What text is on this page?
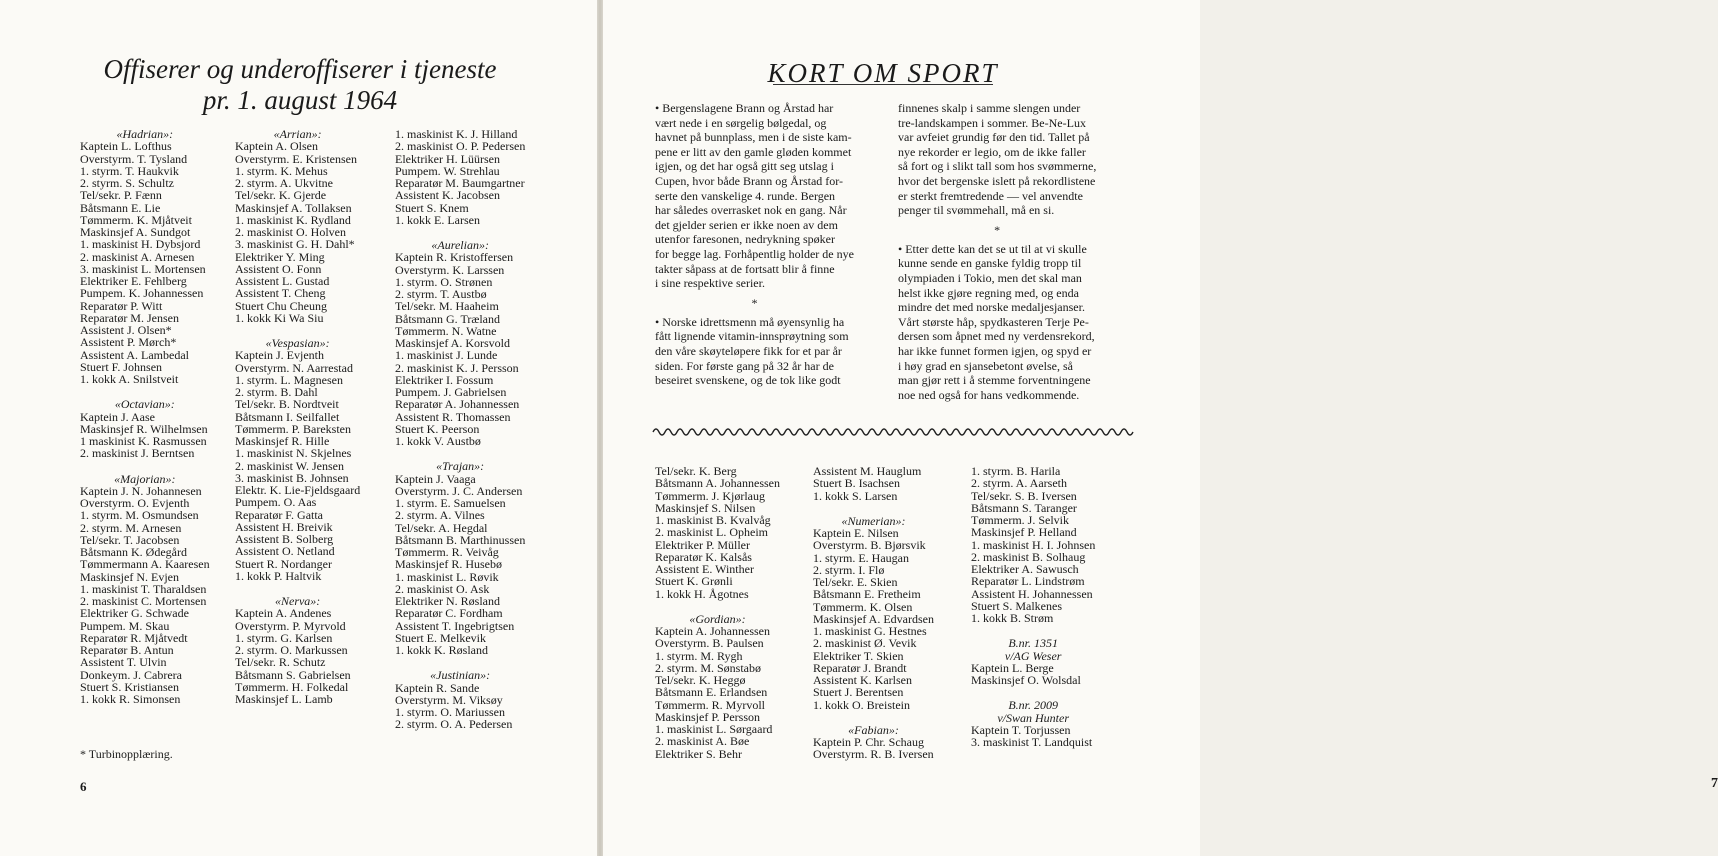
Offiserer og underoffiserer i tjeneste
pr. 1. august 1964
«Hadrian»:
Kaptein L. Lofthus
Overstyrm. T. Tysland
1. styrm. T. Haukvik
2. styrm. S. Schultz
Tel/sekr. P. Fænn
Båtsmann E. Lie
Tømmerm. K. Mjåtveit
Maskinsjef A. Sundgot
1. maskinist H. Dybsjord
2. maskinist A. Arnesen
3. maskinist L. Mortensen
Elektriker E. Fehlberg
Pumpem. K. Johannessen
Reparatør P. Witt
Reparatør M. Jensen
Assistent J. Olsen*
Assistent P. Mørch*
Assistent A. Lambedal
Stuert F. Johnsen
1. kokk A. Snilstveit
«Octavian»:
Kaptein J. Aase
Maskinsjef R. Wilhelmsen
1 maskinist K. Rasmussen
2. maskinist J. Berntsen
«Majorian»:
Kaptein J. N. Johannesen
Overstyrm. O. Evjenth
1. styrm. M. Osmundsen
2. styrm. M. Arnesen
Tel/sekr. T. Jacobsen
Båtsmann K. Ødegård
Tømmermann A. Kaaresen
Maskinsjef N. Evjen
1. maskinist T. Tharaldsen
2. maskinist C. Mortensen
Elektriker G. Schwade
Pumpem. M. Skau
Reparatør R. Mjåtvedt
Reparatør B. Antun
Assistent T. Ulvin
Donkeym. J. Cabrera
Stuert S. Kristiansen
1. kokk R. Simonsen
«Arrian»:
Kaptein A. Olsen
Overstyrm. E. Kristensen
1. styrm. K. Mehus
2. styrm. A. Ukvitne
Tel/sekr. K. Gjerde
Maskinsjef A. Tollaksen
1. maskinist K. Rydland
2. maskinist O. Holven
3. maskinist G. H. Dahl*
Elektriker Y. Ming
Assistent O. Fonn
Assistent L. Gustad
Assistent T. Cheng
Stuert Chu Cheung
1. kokk Ki Wa Siu
«Vespasian»:
Kaptein J. Evjenth
Overstyrm. N. Aarrestad
1. styrm. L. Magnesen
2. styrm. B. Dahl
Tel/sekr. B. Nordtveit
Båtsmann I. Seilfallet
Tømmerm. P. Bareksten
Maskinsjef R. Hille
1. maskinist N. Skjelnes
2. maskinist W. Jensen
3. maskinist B. Johnsen
Elektr. K. Lie-Fjeldsgaard
Pumpem. O. Aas
Reparatør F. Gatta
Assistent H. Breivik
Assistent B. Solberg
Assistent O. Netland
Stuert R. Nordanger
1. kokk P. Haltvik
«Nerva»:
Kaptein A. Andenes
Overstyrm. P. Myrvold
1. styrm. G. Karlsen
2. styrm. O. Markussen
Tel/sekr. R. Schutz
Båtsmann S. Gabrielsen
Tømmerm. H. Folkedal
Maskinsjef L. Lamb
1. maskinist K. J. Hilland
2. maskinist O. P. Pedersen
Elektriker H. Lüürsen
Pumpem. W. Strehlau
Reparatør M. Baumgartner
Assistent K. Jacobsen
Stuert S. Knem
1. kokk E. Larsen
«Aurelian»:
Kaptein R. Kristoffersen
Overstyrm. K. Larssen
1. styrm. O. Strønen
2. styrm. T. Austbø
Tel/sekr. M. Haaheim
Båtsmann G. Træland
Tømmerm. N. Watne
Maskinsjef A. Korsvold
1. maskinist J. Lunde
2. maskinist K. J. Persson
Elektriker I. Fossum
Pumpem. J. Gabrielsen
Reparatør A. Johannessen
Assistent R. Thomassen
Stuert K. Peerson
1. kokk V. Austbø
«Trajan»:
Kaptein J. Vaaga
Overstyrm. J. C. Andersen
1. styrm. E. Samuelsen
2. styrm. A. Vilnes
Tel/sekr. A. Hegdal
Båtsmann B. Marthinussen
Tømmerm. R. Veivåg
Maskinsjef R. Husebø
1. maskinist L. Røvik
2. maskinist O. Ask
Elektriker N. Røsland
Reparatør C. Fordham
Assistent T. Ingebrigtsen
Stuert E. Melkevik
1. kokk K. Røsland
«Justinian»:
Kaptein R. Sande
Overstyrm. M. Viksøy
1. styrm. O. Mariussen
2. styrm. O. A. Pedersen
* Turbinopplæring.
6
KORT OM SPORT
• Bergenslagene Brann og Årstad har
vært nede i en sørgelig bølgedal, og
havnet på bunnplass, men i de siste kam-
pene er litt av den gamle gløden kommet
igjen, og det har også gitt seg utslag i
Cupen, hvor både Brann og Årstad for-
serte den vanskelige 4. runde. Bergen
har således overrasket nok en gang. Når
det gjelder serien er ikke noen av dem
utenfor faresonen, nedrykning spøker
for begge lag. Forhåpentlig holder de nye
takter såpass at de fortsatt blir å finne
i sine respektive serier.
*
• Norske idrettsmenn må øyensynlig ha
fått lignende vitamin-innsprøytning som
den våre skøyteløpere fikk for et par år
siden. For første gang på 32 år har de
beseiret svenskene, og de tok like godt
finnenes skalp i samme slengen under
tre-landskampen i sommer. Be-Ne-Lux
var avfeiet grundig før den tid. Tallet på
nye rekorder er legio, om de ikke faller
så fort og i slikt tall som hos svømmerne,
hvor det bergenske islett på rekordlistene
er sterkt fremtredende — vel anvendte
penger til svømmehall, må en si.
*
• Etter dette kan det se ut til at vi skulle
kunne sende en ganske fyldig tropp til
olympiaden i Tokio, men det skal man
helst ikke gjøre regning med, og enda
mindre det med norske medaljesjanser.
Vårt største håp, spydkasteren Terje Pe-
dersen som åpnet med ny verdensrekord,
har ikke funnet formen igjen, og spyd er
i høy grad en sjansebetont øvelse, så
man gjør rett i å stemme forventningene
noe ned også for hans vedkommende.
Tel/sekr. K. Berg
Båtsmann A. Johannessen
Tømmerm. J. Kjørlaug
Maskinsjef S. Nilsen
1. maskinist B. Kvalvåg
2. maskinist L. Opheim
Elektriker P. Müller
Reparatør K. Kalsås
Assistent E. Winther
Stuert K. Grønli
1. kokk H. Ågotnes
«Gordian»:
Kaptein A. Johannessen
Overstyrm. B. Paulsen
1. styrm. M. Rygh
2. styrm. M. Sønstabø
Tel/sekr. K. Heggø
Båtsmann E. Erlandsen
Tømmerm. R. Myrvoll
Maskinsjef P. Persson
1. maskinist L. Sørgaard
2. maskinist A. Bøe
Elektriker S. Behr
Assistent M. Hauglum
Stuert B. Isachsen
1. kokk S. Larsen
«Numerian»:
Kaptein E. Nilsen
Overstyrm. B. Bjørsvik
1. styrm. E. Haugan
2. styrm. I. Flø
Tel/sekr. E. Skien
Båtsmann E. Fretheim
Tømmerm. K. Olsen
Maskinsjef A. Edvardsen
1. maskinist G. Hestnes
2. maskinist Ø. Vevik
Elektriker T. Skien
Reparatør J. Brandt
Assistent K. Karlsen
Stuert J. Berentsen
1. kokk O. Breistein
«Fabian»:
Kaptein P. Chr. Schaug
Overstyrm. R. B. Iversen
1. styrm. B. Harila
2. styrm. A. Aarseth
Tel/sekr. S. B. Iversen
Båtsmann S. Taranger
Tømmerm. J. Selvik
Maskinsjef P. Helland
1. maskinist H. I. Johnsen
2. maskinist B. Solhaug
Elektriker A. Sawusch
Reparatør L. Lindstrøm
Assistent H. Johannessen
Stuert S. Malkenes
1. kokk B. Strøm
B.nr. 1351
v/AG Weser
Kaptein L. Berge
Maskinsjef O. Wolsdal
B.nr. 2009
v/Swan Hunter
Kaptein T. Torjussen
3. maskinist T. Landquist
7
